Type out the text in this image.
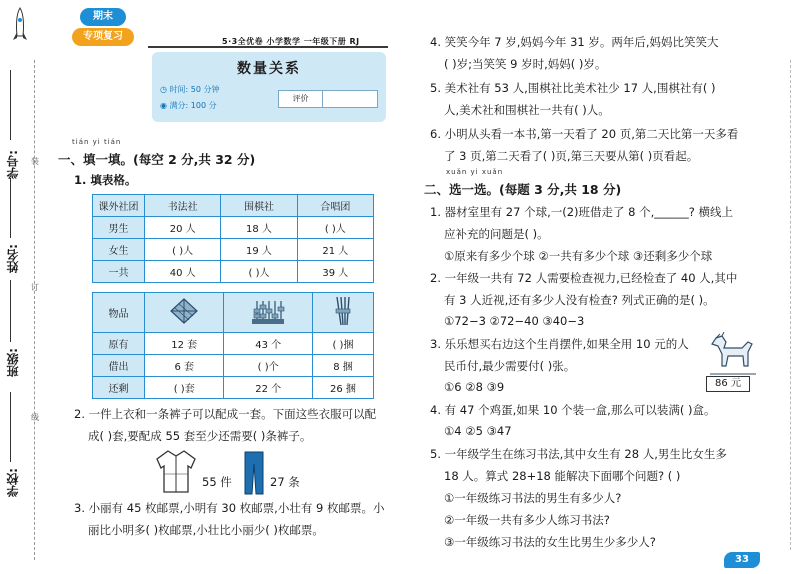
学号: 装
姓名:
订
班级:
线
学校:
期末
专项复习	5·3全优卷 小学数学 一年级下册 RJ
数量关系
◷ 时间: 50 分钟
◉ 满分: 100 分
评价
tián yi tián
一、填一填。(每空 2 分,共 32 分)
1. 填表格。
课外社团	书法社	围棋社	合唱团
男生	20 人	18 人	( )人
女生	( )人	19 人	21 人
一共	40 人	( )人	39 人
物品			
原有	12 套	43 个	( )捆
借出	6 套	( )个	8 捆
还剩	( )套	22 个	26 捆
2. 一件上衣和一条裤子可以配成一套。下面这些衣服可以配
成( )套,要配成 55 套至少还需要( )条裤子。
55 件	27 条
3. 小丽有 45 枚邮票,小明有 30 枚邮票,小壮有 9 枚邮票。小
丽比小明多( )枚邮票,小壮比小丽少( )枚邮票。
4. 笑笑今年 7 岁,妈妈今年 31 岁。两年后,妈妈比笑笑大
( )岁;当笑笑 9 岁时,妈妈( )岁。
5. 美术社有 53 人,围棋社比美术社少 17 人,围棋社有( )
人,美术社和围棋社一共有( )人。
6. 小明从头看一本书,第一天看了 20 页,第二天比第一天多看
了 3 页,第二天看了( )页,第三天要从第( )页看起。
xuǎn yi xuǎn
二、选一选。(每题 3 分,共 18 分)
1. 器材室里有 27 个球,一(2)班借走了 8 个,______? 横线上
应补充的问题是( )。
①原来有多少个球 ②一共有多少个球 ③还剩多少个球
2. 一年级一共有 72 人需要检查视力,已经检查了 40 人,其中
有 3 人近视,还有多少人没有检查? 列式正确的是( )。
①72−3 ②72−40 ③40−3
3. 乐乐想买右边这个生肖摆件,如果全用 10 元的人
民币付,最少需要付( )张。
①6 ②8 ③9	86 元
4. 有 47 个鸡蛋,如果 10 个装一盒,那么可以装满( )盒。
①4 ②5 ③47
5. 一年级学生在练习书法,其中女生有 28 人,男生比女生多
18 人。算式 28+18 能解决下面哪个问题? ( )
①一年级练习书法的男生有多少人?
②一年级一共有多少人练习书法?
③一年级练习书法的女生比男生少多少人?
33
